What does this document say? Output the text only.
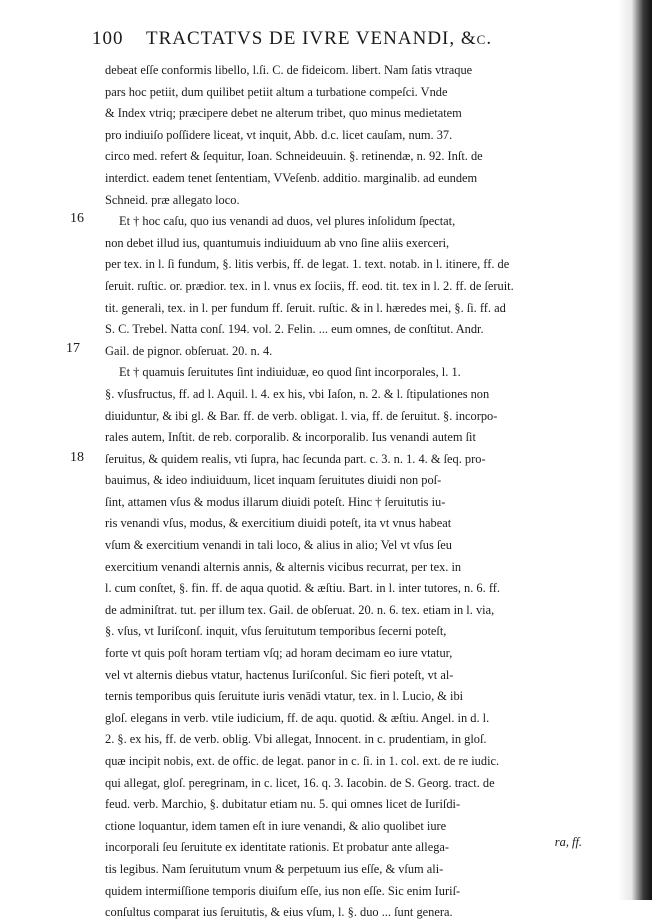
100 TRACTATVS DE IVRE VENANDI, &c.
16
17
18
debeat eſſe conformis libello, l.ſi. C. de fideicom. libert. Nam ſatis vtraque
pars hoc petiit, dum quilibet petiit altum a turbatione compeſci. Vnde
& Index vtriq; præcipere debet ne alterum tribet, quo minus medietatem
pro indiuiſo poſſidere liceat, vt inquit, Abb. d.c. licet cauſam, num. 37.
circo med. refert & ſequitur, Ioan. Schneideuuin. §. retinendæ, n. 92. Inſt. de
interdict. eadem tenet ſententiam, VVeſenb. additio. marginalib. ad eundem
Schneid. præ allegato loco.
Et † hoc caſu, quo ius venandi ad duos, vel plures inſolidum ſpectat,
non debet illud ius, quantumuis indiuiduum ab vno ſine aliis exerceri,
per tex. in l. ſi fundum, §. litis verbis, ff. de legat. 1. text. notab. in l. itinere, ff. de
ſeruit. ruſtic. or. prædior. tex. in l. vnus ex ſociis, ff. eod. tit. tex in l. 2. ff. de ſeruit.
tit. generali, tex. in l. per fundum ff. ſeruit. ruſtic. & in l. hæredes mei, §. ſi. ff. ad
S. C. Trebel. Natta conſ. 194. vol. 2. Felin. ... eum omnes, de conſtitut. Andr.
Gail. de pignor. obſeruat. 20. n. 4.
Et † quamuis ſeruitutes ſint indiuiduæ, eo quod ſint incorporales, l. 1.
§. vſusfructus, ff. ad l. Aquil. l. 4. ex his, vbi Iaſon, n. 2. & l. ſtipulationes non
diuiduntur, & ibi gl. & Bar. ff. de verb. obligat. l. via, ff. de ſeruitut. §. incorpo-
rales autem, Inſtit. de reb. corporalib. & incorporalib. Ius venandi autem ſit
ſeruitus, & quidem realis, vti ſupra, hac ſecunda part. c. 3. n. 1. 4. & ſeq. pro-
bauimus, & ideo indiuiduum, licet inquam ſeruitutes diuidi non poſ-
ſint, attamen vſus & modus illarum diuidi poteſt. Hinc † ſeruitutis iu-
ris venandi vſus, modus, & exercitium diuidi poteſt, ita vt vnus habeat
vſum & exercitium venandi in tali loco, & alius in alio; Vel vt vſus ſeu
exercitium venandi alternis annis, & alternis vicibus recurrat, per tex. in
l. cum conſtet, §. fin. ff. de aqua quotid. & æſtiu. Bart. in l. inter tutores, n. 6. ff.
de adminiſtrat. tut. per illum tex. Gail. de obſeruat. 20. n. 6. tex. etiam in l. via,
§. vſus, vt Iuriſconſ. inquit, vſus ſeruitutum temporibus ſecerni poteſt,
forte vt quis poſt horam tertiam vſq; ad horam decimam eo iure vtatur,
vel vt alternis diebus vtatur, hactenus Iuriſconſul. Sic fieri poteſt, vt al-
ternis temporibus quis ſeruitute iuris venādi vtatur, tex. in l. Lucio, & ibi
gloſ. elegans in verb. vtile iudicium, ff. de aqu. quotid. & æſtiu. Angel. in d. l.
2. §. ex his, ff. de verb. oblig. Vbi allegat, Innocent. in c. prudentiam, in gloſ.
quæ incipit nobis, ext. de offic. de legat. panor in c. ſi. in 1. col. ext. de re iudic.
qui allegat, gloſ. peregrinam, in c. licet, 16. q. 3. Iacobin. de S. Georg. tract. de
feud. verb. Marchio, §. dubitatur etiam nu. 5. qui omnes licet de Iuriſdi-
ctione loquantur, idem tamen eſt in iure venandi, & alio quolibet iure
incorporali ſeu ſeruitute ex identitate rationis. Et probatur ante allega-
tis legibus. Nam ſeruitutum vnum & perpetuum ius eſſe, & vſum ali-
quidem intermiſſione temporis diuiſum eſſe, ius non eſſe. Sic enim Iuriſ-
conſultus comparat ius ſeruitutis, & eius vſum, l. §. duo ... ſunt genera.
ra, ff.
